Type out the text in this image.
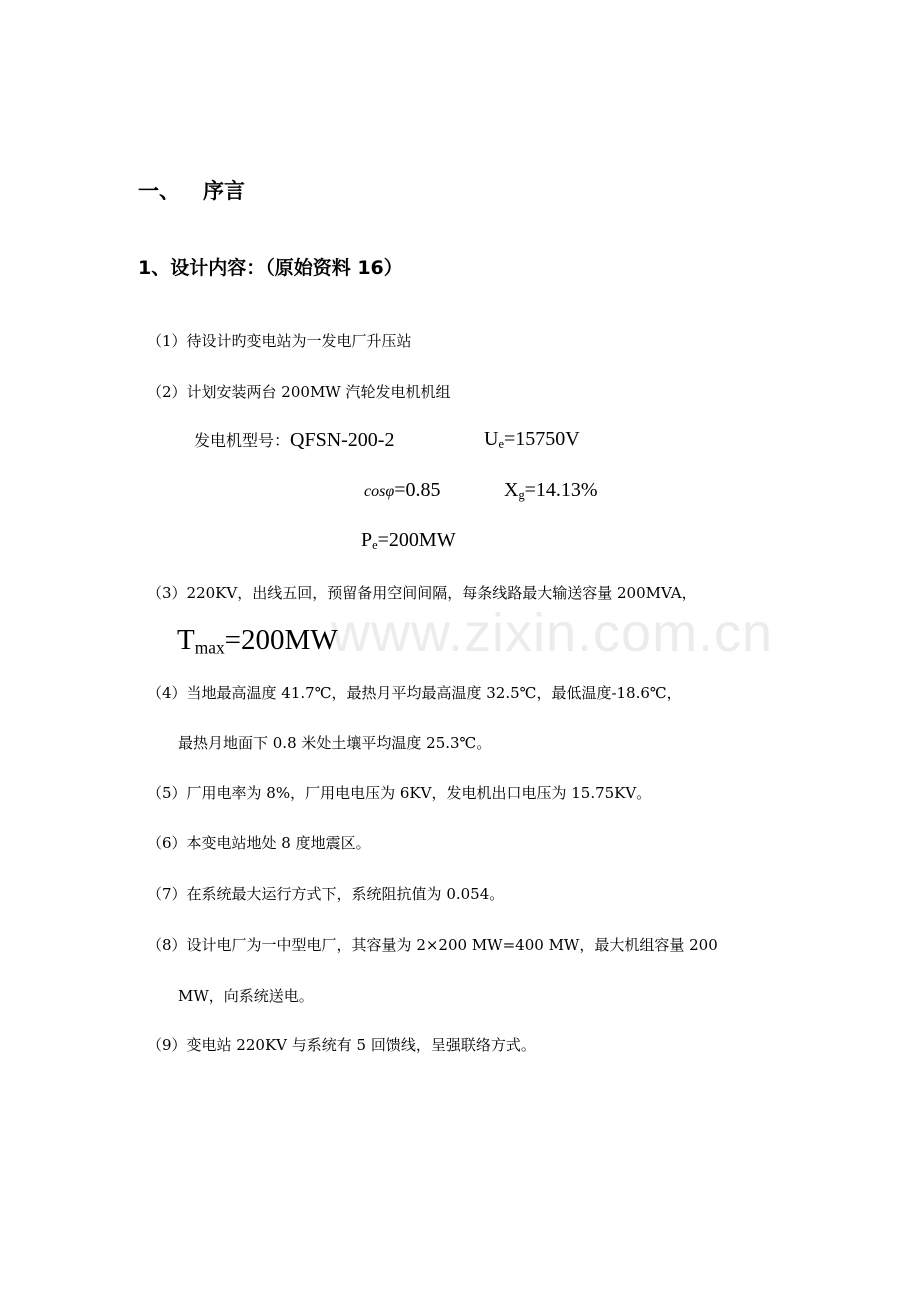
www.zixin.com.cn
一、 序言
1、设计内容：（原始资料 16）
（1）待设计旳变电站为一发电厂升压站
（2）计划安装两台 200MW 汽轮发电机机组
发电机型号：QFSN-200-2	$U_e=15750V$
cosφ=0.85	$X_g=14.13\%$
$P_e=200MW$
（3）220KV，出线五回，预留备用空间间隔，每条线路最大输送容量 200MVA，
$T_{max}=200MW$
（4）当地最高温度 41.7℃，最热月平均最高温度 32.5℃，最低温度-18.6℃，
最热月地面下 0.8 米处土壤平均温度 25.3℃。
（5）厂用电率为 8%，厂用电电压为 6KV，发电机出口电压为 15.75KV。
（6）本变电站地处 8 度地震区。
（7）在系统最大运行方式下，系统阻抗值为 0.054。
（8）设计电厂为一中型电厂，其容量为 2×200 MW=400 MW，最大机组容量 200
MW，向系统送电。
（9）变电站 220KV 与系统有 5 回馈线，呈强联络方式。
